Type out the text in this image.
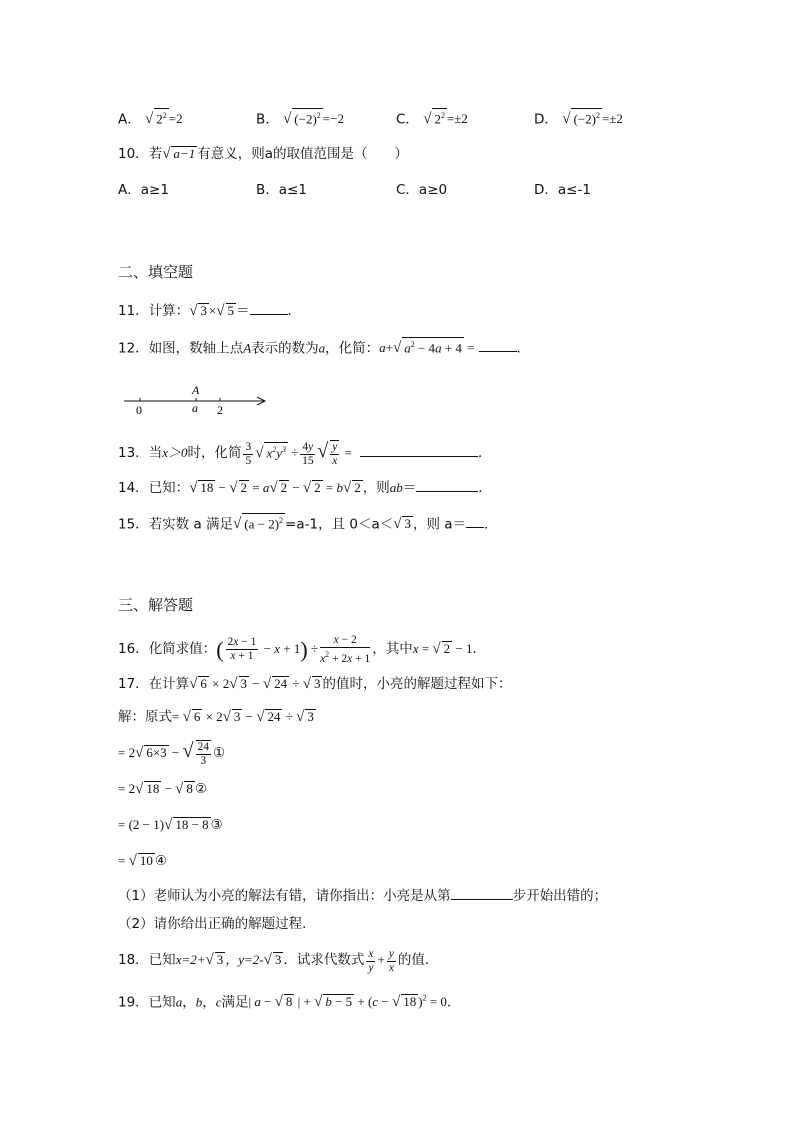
A． √ $2^2 =2$	B． √ $(-2)^2 =-2$	C． √ $2^2 =\pm 2$	D． √ $(-2)^2 =\pm 2$
10．若√ a−1 有意义，则a的取值范围是（　　）
A．a≥1	B．a≤1	C．a≥0	D．a≤-1
二、填空题
11．计算：√ 3 ×√ 5 ＝	．
12．如图，数轴上点A表示的数为a，化简：a+√ $a^2 - 4a + 4$ =	．
A
0	a 2
13．当x＞0时，化简 $\frac{3}{5}$ √ $x^2y^3 \div \frac{4y}{15}$ √ $\frac{y}{x}$ =	．
14．已知：√ 18 − √ 2 = a√ 2 − √ 2 = b√ 2 ，则ab＝	．
15．若实数 a 满足√ $(a - 2)^2 =a-1$，且 0＜a＜√ 3 ，则 a＝ ．
三、解答题
16．化简求值：( $\frac{2x - 1}{x + 1} - x + 1) \div \frac{x - 2}{x^2 + 2x + 1}$ ，其中x = √ 2 − 1．
17．在计算√ 6 × 2√ 3 − √ 24 ÷ √ 3 的值时，小亮的解题过程如下：
解：原式= √ 6 × 2√ 3 − √ 24 ÷ √ 3
= 2√ 6×3 − √ $\frac{24}{3}$ ①
= 2√ 18 − √ 8 ②
= (2 − 1)√ 18 − 8 ③
= √ 10 ④
（1）老师认为小亮的解法有错，请你指出：小亮是从第	步开始出错的；
（2）请你给出正确的解题过程．
18．已知x=2+√ 3 ，y=2-√ 3 ．试求代数式 $\frac{x}{y} + \frac{y}{x}$ 的值．
19．已知a，b，c满足| a − √ 8 | + √ b − 5 + (c − √ 18 )$^2$ = 0．
